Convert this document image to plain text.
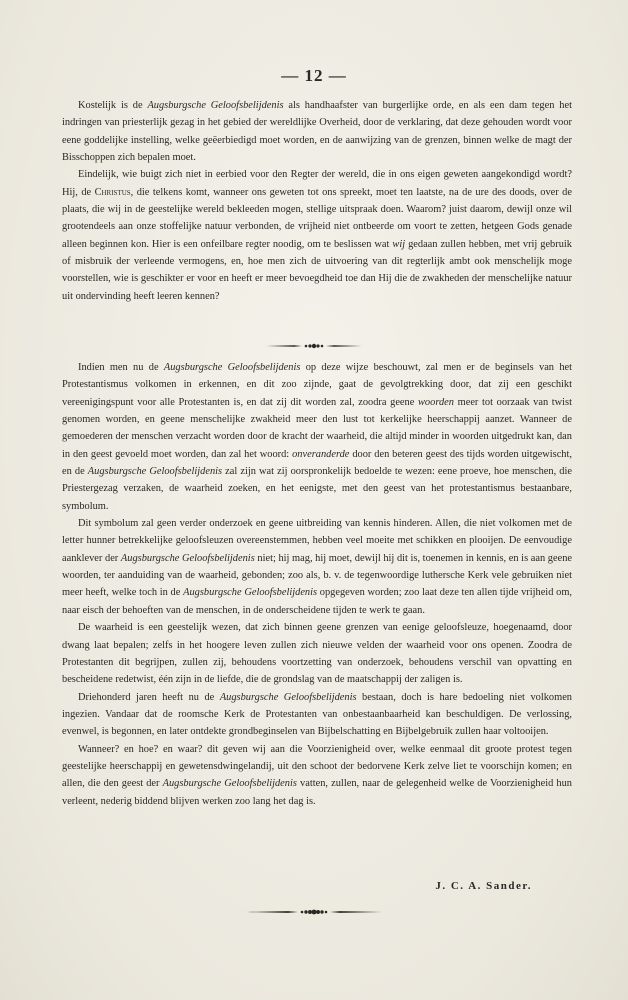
— 12 —

Kostelijk is de Augsburgsche Geloofsbelijdenis als handhaafster van burgerlijke orde, en als een dam tegen het indringen van priesterlijk gezag in het gebied der wereldlijke Overheid, door de verklaring, dat deze gehouden wordt voor eene goddelijke instelling, welke geëerbiedigd moet worden, en de aanwijzing van de grenzen, binnen welke de magt der Bisschoppen zich bepalen moet.

Eindelijk, wie buigt zich niet in eerbied voor den Regter der wereld, die in ons eigen geweten aangekondigd wordt? Hij, de Christus, die telkens komt, wanneer ons geweten tot ons spreekt, moet ten laatste, na de ure des doods, over de plaats, die wij in de geestelijke wereld bekleeden mogen, stellige uitspraak doen. Waarom? juist daarom, dewijl onze wil grootendeels aan onze stoffelijke natuur verbonden, de vrijheid niet ontbeerde om voort te zetten, hetgeen Gods genade alleen beginnen kon. Hier is een onfeilbare regter noodig, om te beslissen wat wij gedaan zullen hebben, met vrij gebruik of misbruik der verleende vermogens, en, hoe men zich de uitvoering van dit regterlijk ambt ook menschelijk moge voorstellen, wie is geschikter er voor en heeft er meer bevoegdheid toe dan Hij die de zwakheden der menschelijke natuur uit ondervinding heeft leeren kennen?

Indien men nu de Augsburgsche Geloofsbelijdenis op deze wijze beschouwt, zal men er de beginsels van het Protestantismus volkomen in erkennen, en dit zoo zijnde, gaat de gevolgtrekking door, dat zij een geschikt vereenigingspunt voor alle Protestanten is, en dat zij dit worden zal, zoodra geene woorden meer tot oorzaak van twist genomen worden, en geene menschelijke zwakheid meer den lust tot kerkelijke heerschappij aanzet. Wanneer de gemoederen der menschen verzacht worden door de kracht der waarheid, die altijd minder in woorden uitgedrukt kan, dan in den geest gevoeld moet worden, dan zal het woord: onveranderde door den beteren geest des tijds worden uitgewischt, en de Augsburgsche Geloofsbelijdenis zal zijn wat zij oorspronkelijk bedoelde te wezen: eene proeve, hoe menschen, die Priestergezag verzaken, de waarheid zoeken, en het eenigste, met den geest van het protestantismus bestaanbare, symbolum.

Dit symbolum zal geen verder onderzoek en geene uitbreiding van kennis hinderen. Allen, die niet volkomen met de letter hunner betrekkelijke geloofsleuzen overeenstemmen, hebben veel moeite met schikken en plooijen. De eenvoudige aanklever der Augsburgsche Geloofsbelijdenis niet; hij mag, hij moet, dewijl hij dit is, toenemen in kennis, en is aan geene woorden, ter aanduiding van de waarheid, gebonden; zoo als, b. v. de tegenwoordige luthersche Kerk vele gebruiken niet meer heeft, welke toch in de Augsburgsche Geloofsbelijdenis opgegeven worden; zoo laat deze ten allen tijde vrijheid om, naar eisch der behoeften van de menschen, in de onderscheidene tijden te werk te gaan.

De waarheid is een geestelijk wezen, dat zich binnen geene grenzen van eenige geloofsleuze, hoegenaamd, door dwang laat bepalen; zelfs in het hoogere leven zullen zich nieuwe velden der waarheid voor ons openen. Zoodra de Protestanten dit begrijpen, zullen zij, behoudens voortzetting van onderzoek, behoudens verschil van opvatting en bescheidene redetwist, één zijn in de liefde, die de grondslag van de maatschappij der zaligen is.

Driehonderd jaren heeft nu de Augsburgsche Geloofsbelijdenis bestaan, doch is hare bedoeling niet volkomen ingezien. Vandaar dat de roomsche Kerk de Protestanten van onbestaanbaarheid kan beschuldigen. De verlossing, evenwel, is begonnen, en later ontdekte grondbeginselen van Bijbelschatting en Bijbelgebruik zullen haar voltooijen.

Wanneer? en hoe? en waar? dit geven wij aan die Voorzienigheid over, welke eenmaal dit groote protest tegen geestelijke heerschappij en gewetensdwingelandij, uit den schoot der bedorvene Kerk zelve liet te voorschijn komen; en allen, die den geest der Augsburgsche Geloofsbelijdenis vatten, zullen, naar de gelegenheid welke de Voorzienigheid hun verleent, nederig biddend blijven werken zoo lang het dag is.

J. C. A. Sander.
